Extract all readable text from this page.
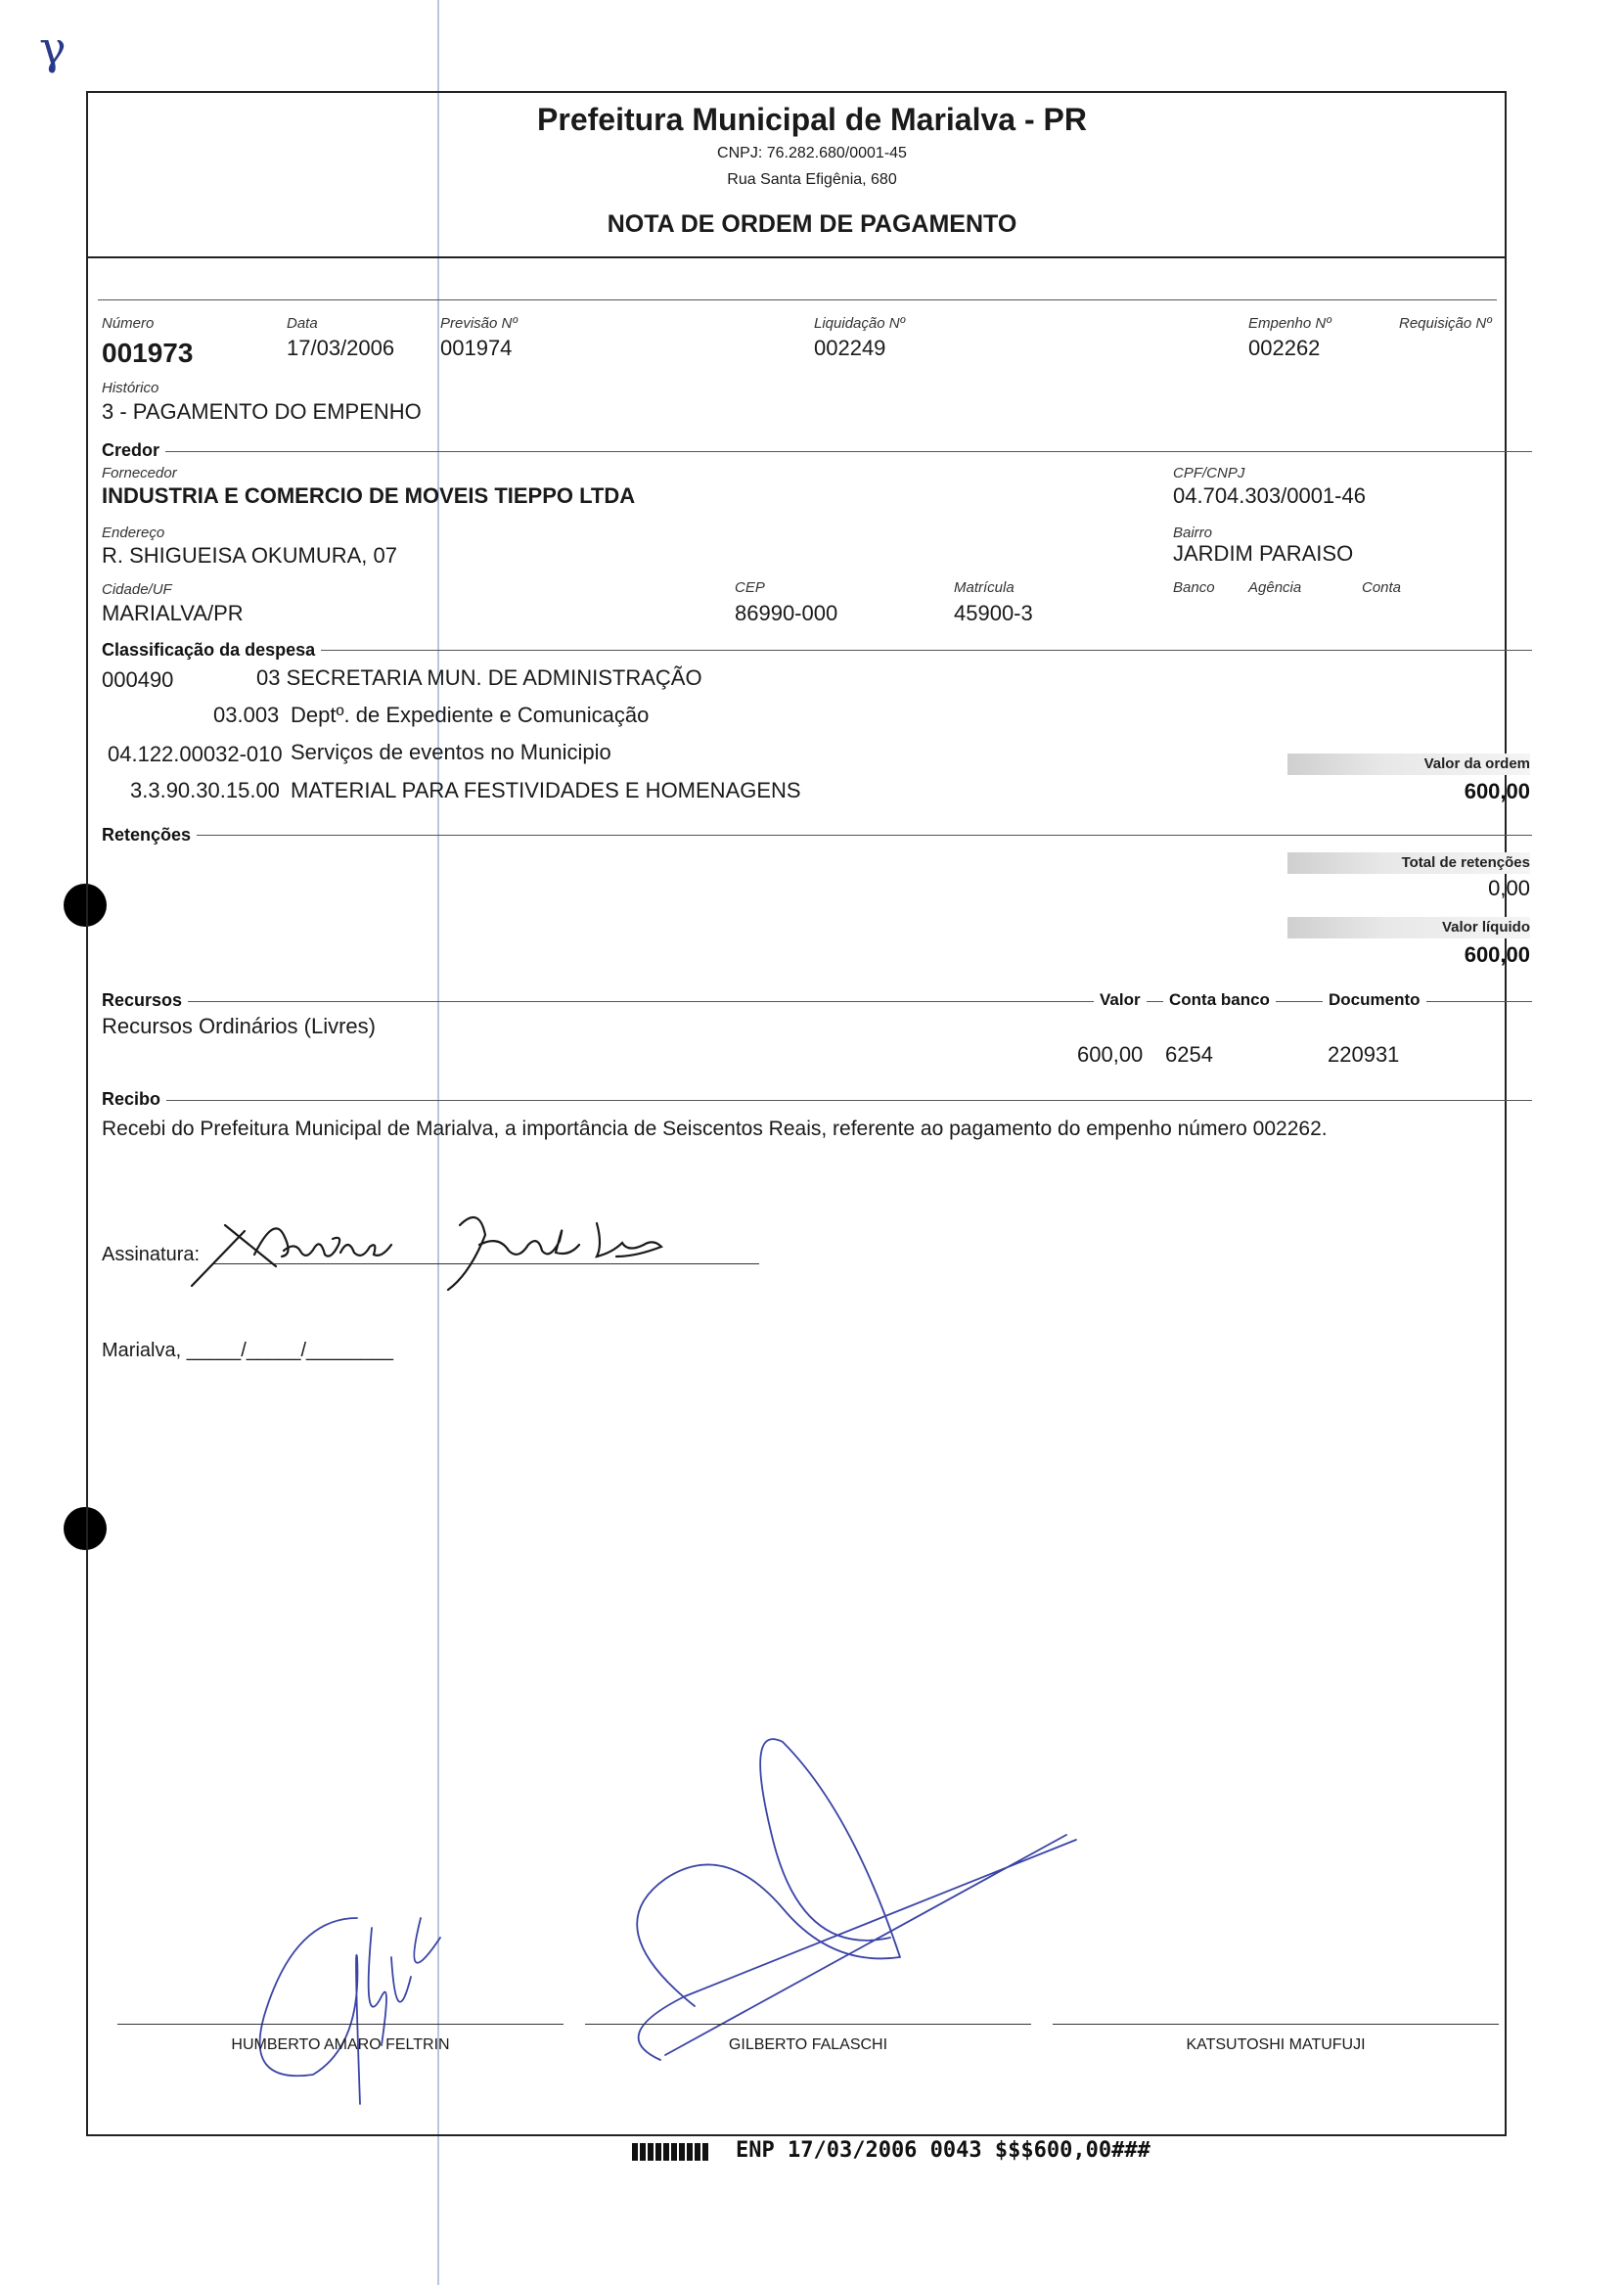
γ
Prefeitura Municipal de Marialva - PR
CNPJ: 76.282.680/0001-45
Rua Santa Efigênia, 680
NOTA DE ORDEM DE PAGAMENTO
Número
001973
Data
17/03/2006
Previsão Nº
001974
Liquidação Nº
002249
Empenho Nº
002262
Requisição Nº
Histórico
3 - PAGAMENTO DO EMPENHO
Credor
Fornecedor
INDUSTRIA E COMERCIO DE MOVEIS TIEPPO LTDA
CPF/CNPJ
04.704.303/0001-46
Endereço
R. SHIGUEISA OKUMURA, 07
Bairro
JARDIM PARAISO
Cidade/UF
MARIALVA/PR
CEP
86990-000
Matrícula
45900-3
Banco Agência	Conta
Classificação da despesa
000490	03 SECRETARIA MUN. DE ADMINISTRAÇÃO
03.003 Deptº. de Expediente e Comunicação
04.122.00032-010 Serviços de eventos no Municipio
3.3.90.30.15.00 MATERIAL PARA FESTIVIDADES E HOMENAGENS
Valor da ordem
600,00
Retenções
Total de retenções
0,00
Valor líquido
600,00
Recursos	Valor	Conta banco	Documento
Recursos Ordinários (Livres)
600,00 6254	220931
Recibo
Recebi do Prefeitura Municipal de Marialva, a importância de Seiscentos Reais, referente ao pagamento do empenho número 002262.
Assinatura:
Marialva, _____/_____/________
HUMBERTO AMARO FELTRIN	GILBERTO FALASCHI	KATSUTOSHI MATUFUJI
ENP 17/03/2006 0043 $$$600,00###
